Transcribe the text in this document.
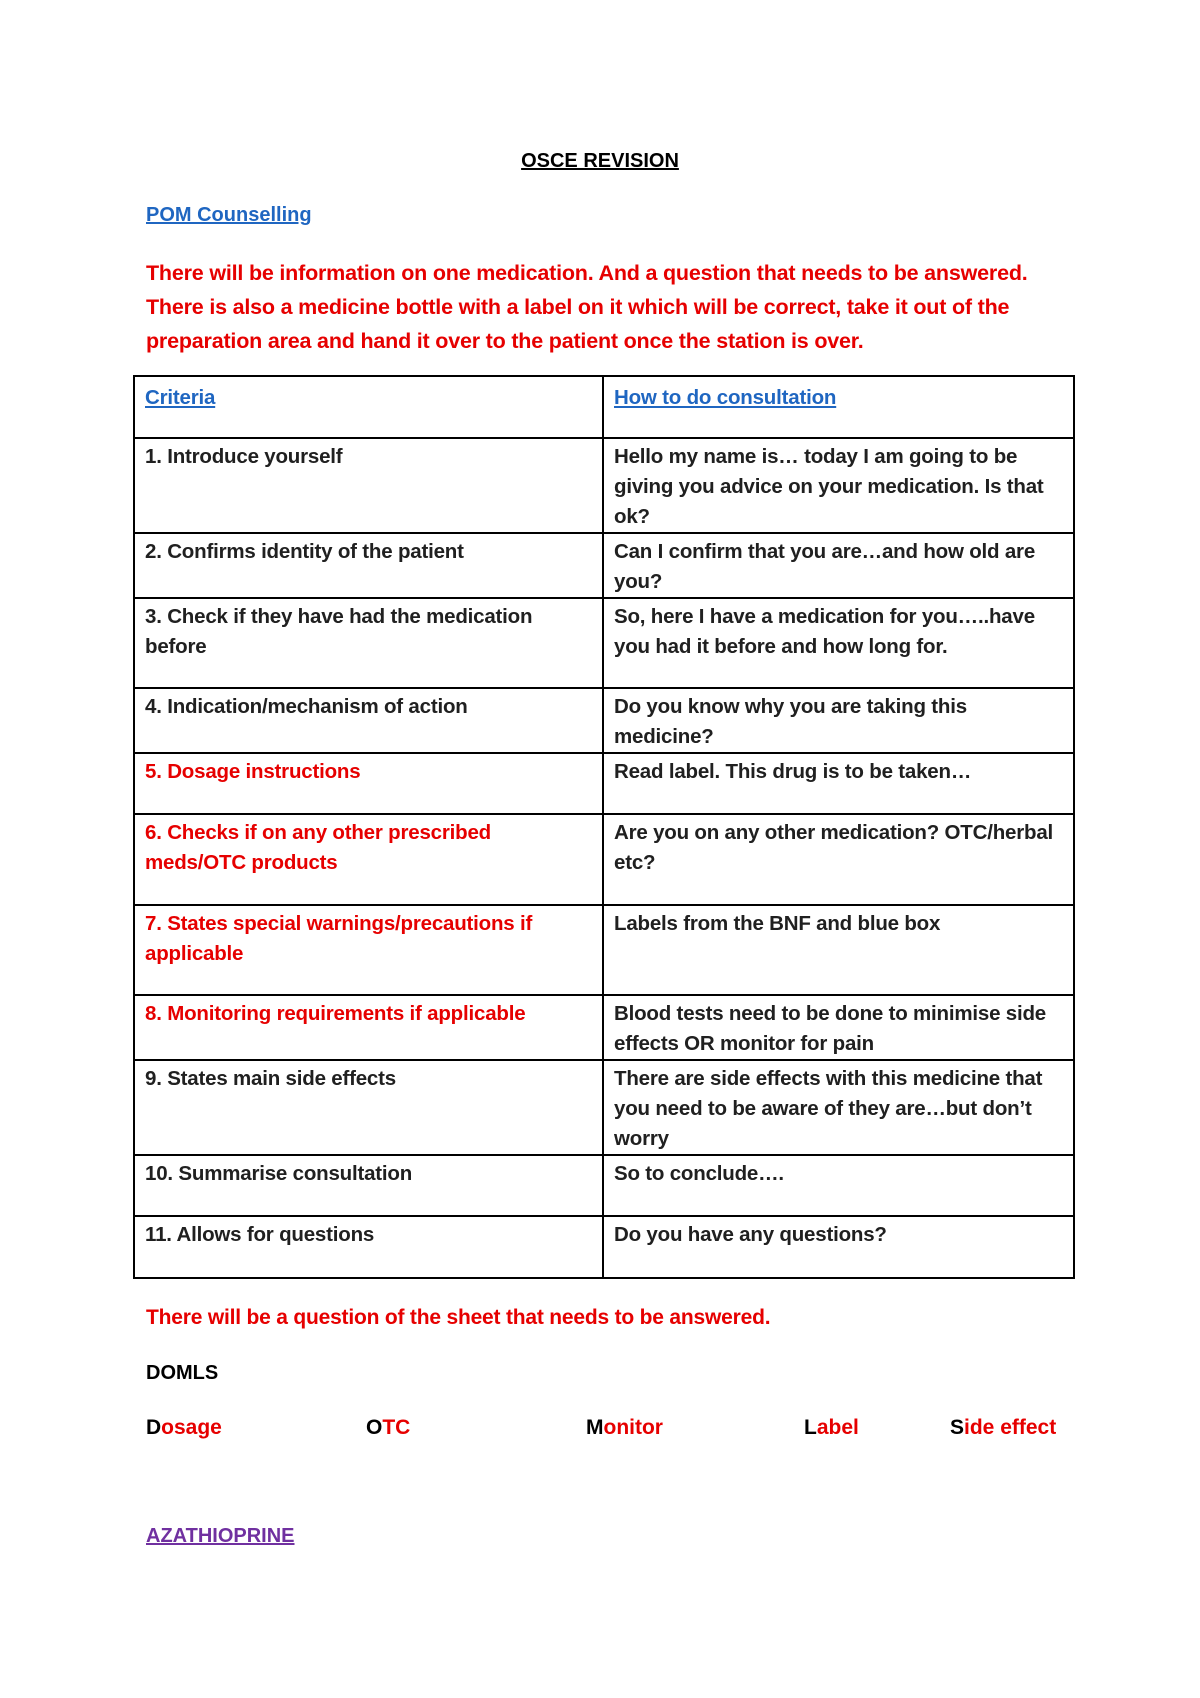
OSCE REVISION
POM Counselling

There will be information on one medication. And a question that needs to be answered.

There is also a medicine bottle with a label on it which will be correct, take it out of the

preparation area and hand it over to the patient once the station is over.

Criteria	How to do consultation
1. Introduce yourself	Hello my name is… today I am going to be giving you advice on your medication. Is that ok?
2. Confirms identity of the patient	Can I confirm that you are…and how old are you?
3. Check if they have had the medication before	So, here I have a medication for you…..have you had it before and how long for.
4. Indication/mechanism of action	Do you know why you are taking this medicine?
5. Dosage instructions	Read label. This drug is to be taken…
6. Checks if on any other prescribed meds/OTC products	Are you on any other medication? OTC/herbal etc?
7. States special warnings/precautions if applicable	Labels from the BNF and blue box
8. Monitoring requirements if applicable	Blood tests need to be done to minimise side effects OR monitor for pain
9. States main side effects	There are side effects with this medicine that you need to be aware of they are…but don’t worry
10. Summarise consultation	So to conclude….
11. Allows for questions	Do you have any questions?
There will be a question of the sheet that needs to be answered.
DOMLS
Dosage	OTC	Monitor	Label	Side effect
AZATHIOPRINE
